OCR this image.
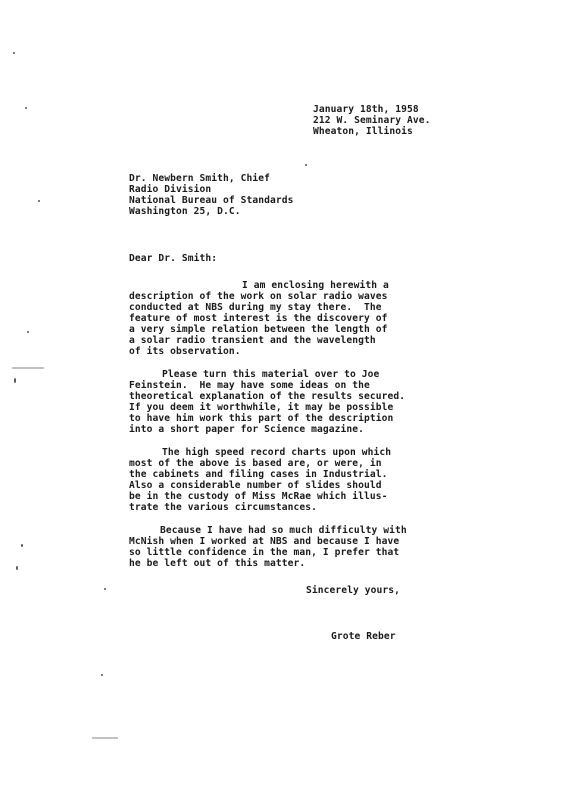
January 18th, 1958
212 W. Seminary Ave.
Wheaton, Illinois
Dr. Newbern Smith, Chief
Radio Division
National Bureau of Standards
Washington 25, D.C.
Dear Dr. Smith:
I am enclosing herewith a
description of the work on solar radio waves
conducted at NBS during my stay there.  The
feature of most interest is the discovery of
a very simple relation between the length of
a solar radio transient and the wavelength
of its observation.
Please turn this material over to Joe
Feinstein.  He may have some ideas on the
theoretical explanation of the results secured.
If you deem it worthwhile, it may be possible
to have him work this part of the description
into a short paper for Science magazine.
The high speed record charts upon which
most of the above is based are, or were, in
the cabinets and filing cases in Industrial.
Also a considerable number of slides should
be in the custody of Miss McRae which illus-
trate the various circumstances.
Because I have had so much difficulty with
McNish when I worked at NBS and because I have
so little confidence in the man, I prefer that
he be left out of this matter.
Sincerely yours,
Grote Reber
